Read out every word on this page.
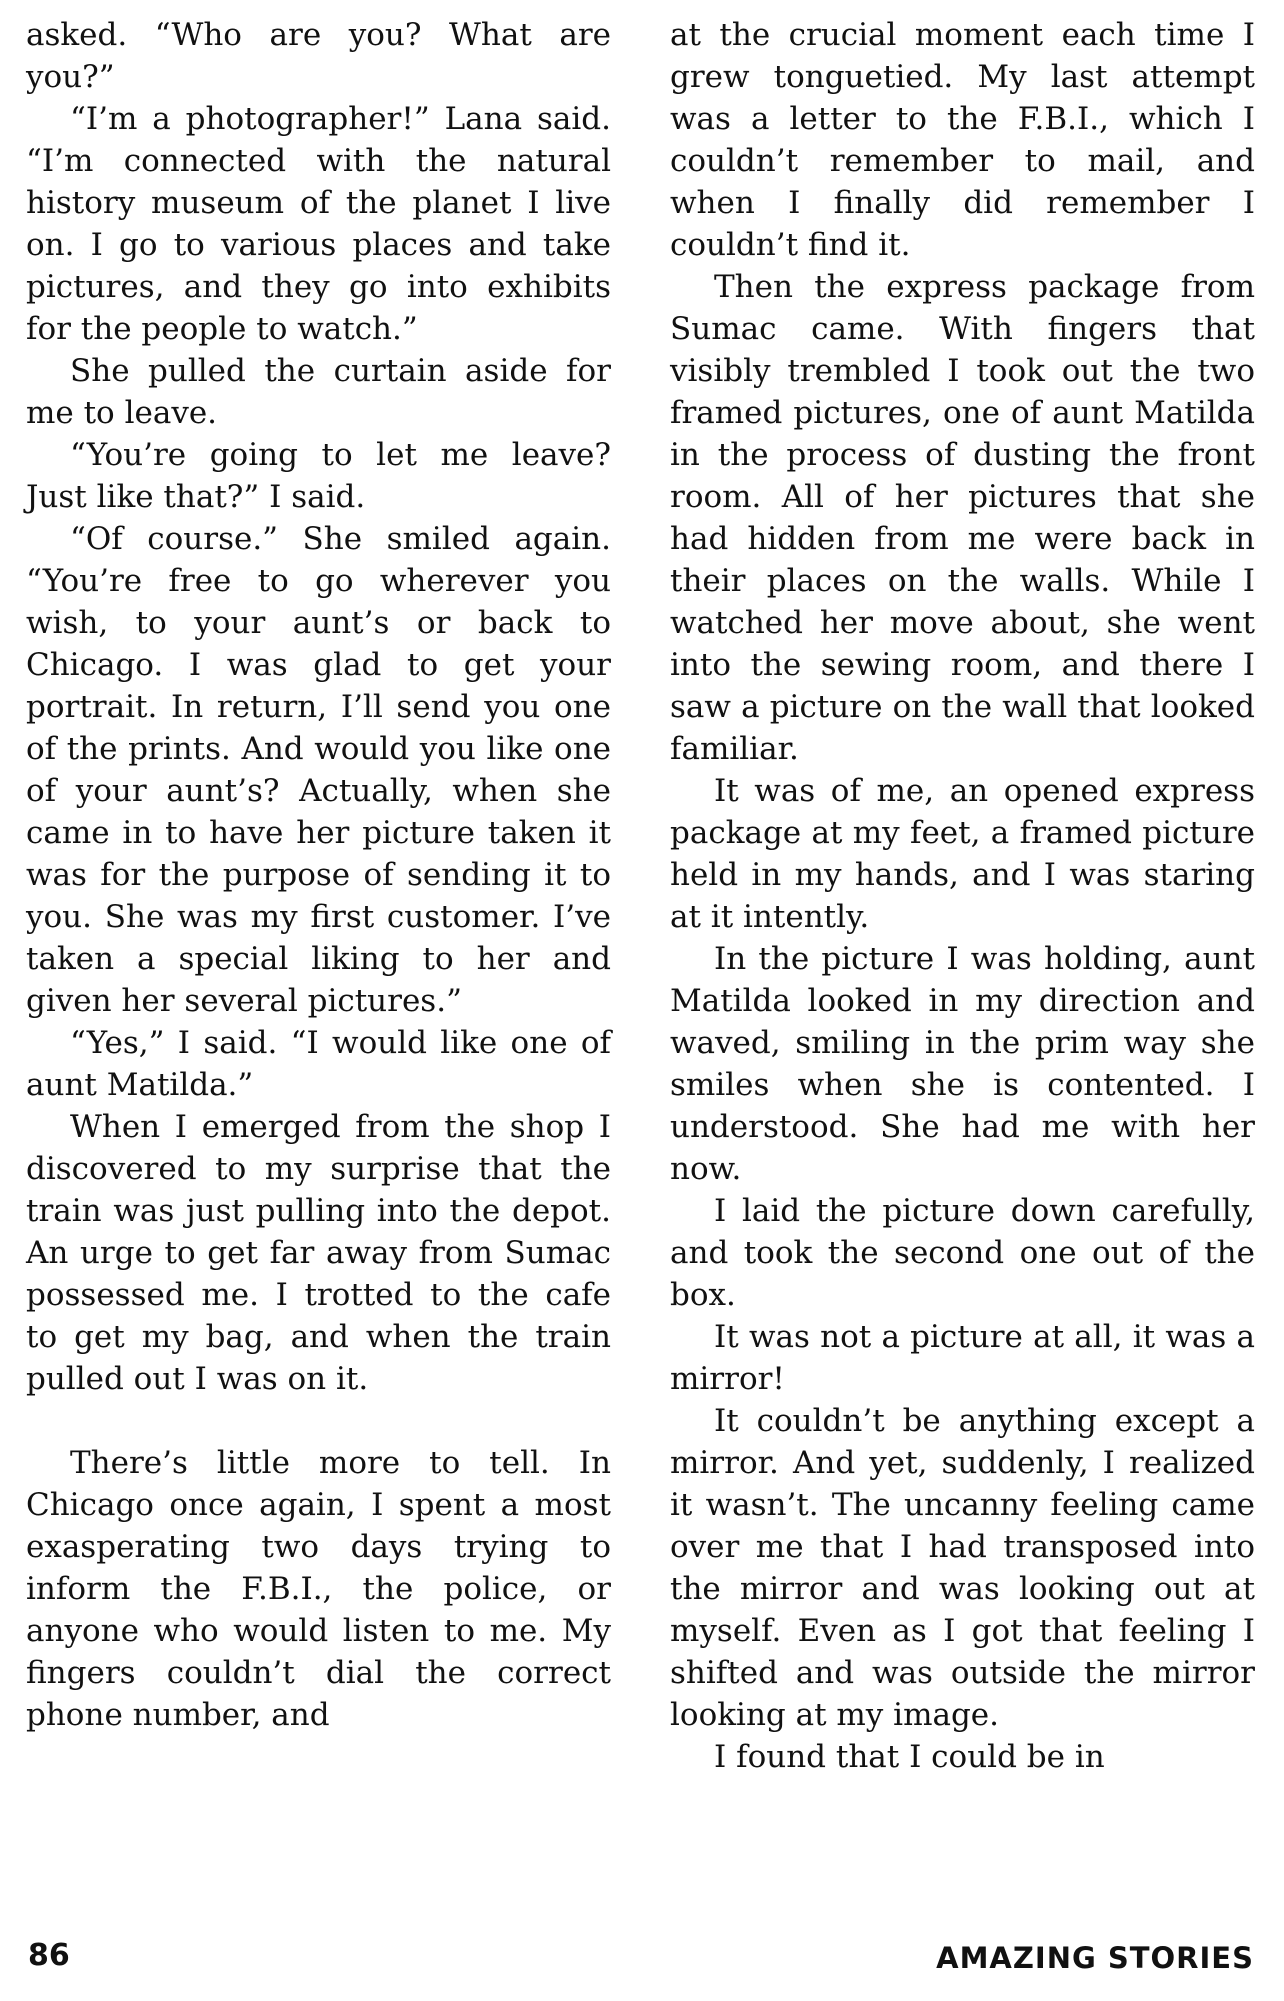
asked. “Who are you? What are you?”

“I’m a photographer!” Lana said. “I’m connected with the natural history museum of the planet I live on. I go to various places and take pictures, and they go into exhibits for the people to watch.”

She pulled the curtain aside for me to leave.

“You’re going to let me leave? Just like that?” I said.

“Of course.” She smiled again. “You’re free to go wherever you wish, to your aunt’s or back to Chicago. I was glad to get your portrait. In return, I’ll send you one of the prints. And would you like one of your aunt’s? Actually, when she came in to have her picture taken it was for the purpose of sending it to you. She was my first customer. I’ve taken a special liking to her and given her several pictures.”

“Yes,” I said. “I would like one of aunt Matilda.”

When I emerged from the shop I discovered to my surprise that the train was just pulling into the depot. An urge to get far away from Sumac possessed me. I trotted to the cafe to get my bag, and when the train pulled out I was on it.

There’s little more to tell. In Chicago once again, I spent a most exasperating two days trying to inform the F.B.I., the police, or anyone who would listen to me. My fingers couldn’t dial the correct phone number, and

at the crucial moment each time I grew tonguetied. My last attempt was a letter to the F.B.I., which I couldn’t remember to mail, and when I finally did remember I couldn’t find it.

Then the express package from Sumac came. With fingers that visibly trembled I took out the two framed pictures, one of aunt Matilda in the process of dusting the front room. All of her pictures that she had hidden from me were back in their places on the walls. While I watched her move about, she went into the sewing room, and there I saw a picture on the wall that looked familiar.

It was of me, an opened express package at my feet, a framed picture held in my hands, and I was staring at it intently.

In the picture I was holding, aunt Matilda looked in my direction and waved, smiling in the prim way she smiles when she is contented. I understood. She had me with her now.

I laid the picture down carefully, and took the second one out of the box.

It was not a picture at all, it was a mirror!

It couldn’t be anything except a mirror. And yet, suddenly, I realized it wasn’t. The uncanny feeling came over me that I had transposed into the mirror and was looking out at myself. Even as I got that feeling I shifted and was outside the mirror looking at my image.

I found that I could be in

86	AMAZING STORIES
